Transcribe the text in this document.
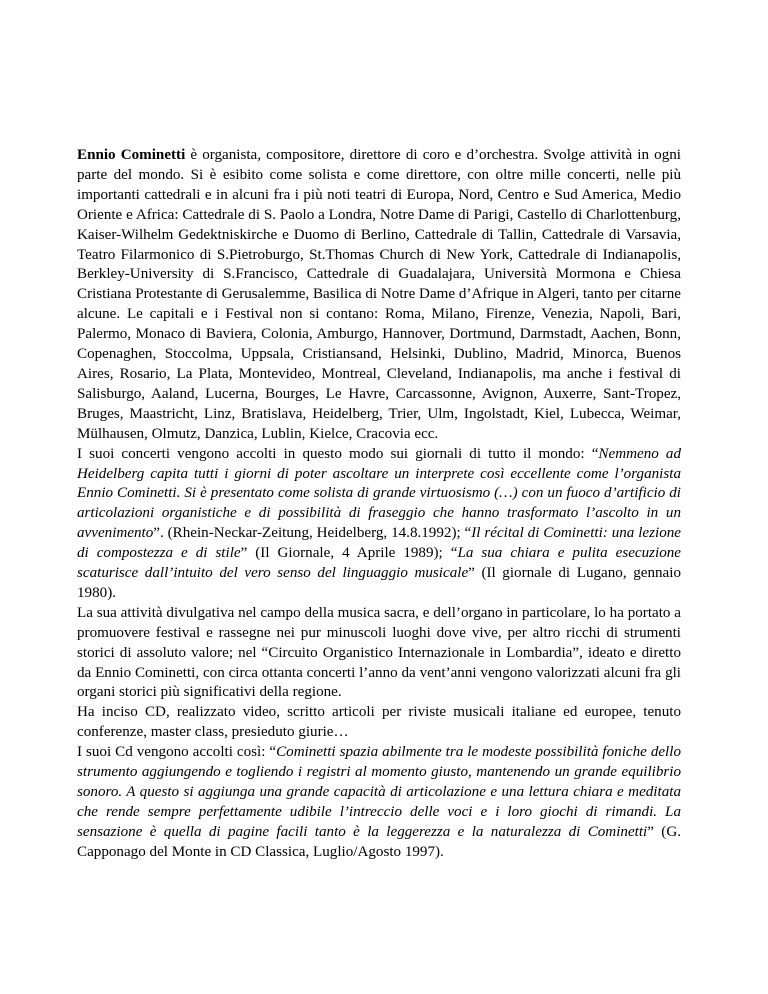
Ennio Cominetti è organista, compositore, direttore di coro e d’orchestra. Svolge attività in ogni parte del mondo. Si è esibito come solista e come direttore, con oltre mille concerti, nelle più importanti cattedrali e in alcuni fra i più noti teatri di Europa, Nord, Centro e Sud America, Medio Oriente e Africa: Cattedrale di S. Paolo a Londra, Notre Dame di Parigi, Castello di Charlottenburg, Kaiser-Wilhelm Gedektniskirche e Duomo di Berlino, Cattedrale di Tallin, Cattedrale di Varsavia, Teatro Filarmonico di S.Pietroburgo, St.Thomas Church di New York, Cattedrale di Indianapolis, Berkley-University di S.Francisco, Cattedrale di Guadalajara, Università Mormona e Chiesa Cristiana Protestante di Gerusalemme, Basilica di Notre Dame d’Afrique in Algeri, tanto per citarne alcune. Le capitali e i Festival non si contano: Roma, Milano, Firenze, Venezia, Napoli, Bari, Palermo, Monaco di Baviera, Colonia, Amburgo, Hannover, Dortmund, Darmstadt, Aachen, Bonn, Copenaghen, Stoccolma, Uppsala, Cristiansand, Helsinki, Dublino, Madrid, Minorca, Buenos Aires, Rosario, La Plata, Montevideo, Montreal, Cleveland, Indianapolis, ma anche i festival di Salisburgo, Aaland, Lucerna, Bourges, Le Havre, Carcassonne, Avignon, Auxerre, Sant-Tropez, Bruges, Maastricht, Linz, Bratislava, Heidelberg, Trier, Ulm, Ingolstadt, Kiel, Lubecca, Weimar, Mülhausen, Olmutz, Danzica, Lublin, Kielce, Cracovia ecc.

I suoi concerti vengono accolti in questo modo sui giornali di tutto il mondo: “Nemmeno ad Heidelberg capita tutti i giorni di poter ascoltare un interprete così eccellente come l’organista Ennio Cominetti. Si è presentato come solista di grande virtuosismo (…) con un fuoco d’artificio di articolazioni organistiche e di possibilità di fraseggio che hanno trasformato l’ascolto in un avvenimento”. (Rhein-Neckar-Zeitung, Heidelberg, 14.8.1992); “Il récital di Cominetti: una lezione di compostezza e di stile” (Il Giornale, 4 Aprile 1989); “La sua chiara e pulita esecuzione scaturisce dall’intuito del vero senso del linguaggio musicale” (Il giornale di Lugano, gennaio 1980).

La sua attività divulgativa nel campo della musica sacra, e dell’organo in particolare, lo ha portato a promuovere festival e rassegne nei pur minuscoli luoghi dove vive, per altro ricchi di strumenti storici di assoluto valore; nel “Circuito Organistico Internazionale in Lombardia”, ideato e diretto da Ennio Cominetti, con circa ottanta concerti l’anno da vent’anni vengono valorizzati alcuni fra gli organi storici più significativi della regione.

Ha inciso CD, realizzato video, scritto articoli per riviste musicali italiane ed europee, tenuto conferenze, master class, presieduto giurie…

I suoi Cd vengono accolti così: “Cominetti spazia abilmente tra le modeste possibilità foniche dello strumento aggiungendo e togliendo i registri al momento giusto, mantenendo un grande equilibrio sonoro. A questo si aggiunga una grande capacità di articolazione e una lettura chiara e meditata che rende sempre perfettamente udibile l’intreccio delle voci e i loro giochi di rimandi. La sensazione è quella di pagine facili tanto è la leggerezza e la naturalezza di Cominetti” (G. Capponago del Monte in CD Classica, Luglio/Agosto 1997).
